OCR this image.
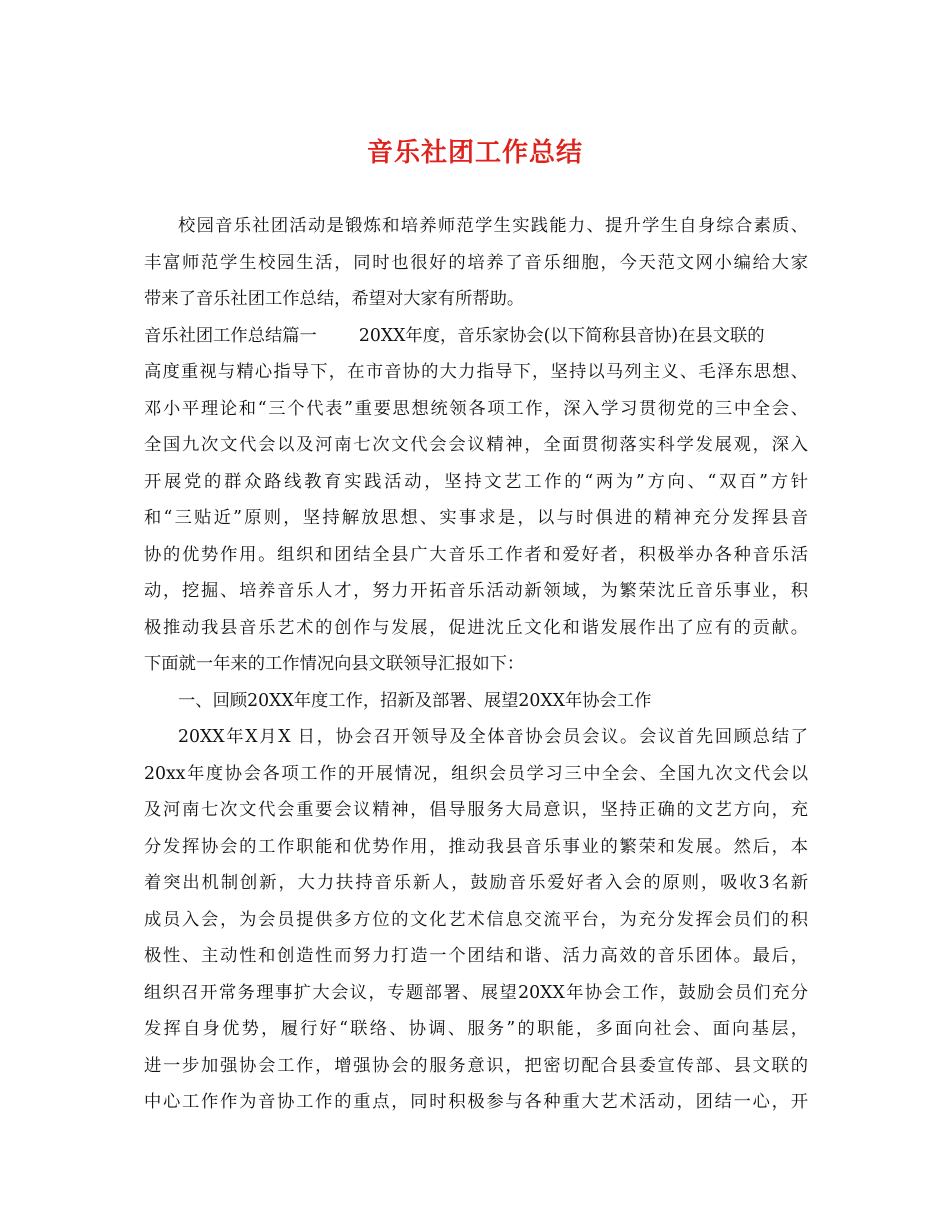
音乐社团工作总结
校园音乐社团活动是锻炼和培养师范学生实践能力、提升学生自身综合素质、
丰富师范学生校园生活，同时也很好的培养了音乐细胞，今天范文网小编给大家
带来了音乐社团工作总结，希望对大家有所帮助。
音乐社团工作总结篇一 20XX年度，音乐家协会(以下简称县音协)在县文联的
高度重视与精心指导下，在市音协的大力指导下，坚持以马列主义、毛泽东思想、
邓小平理论和“三个代表”重要思想统领各项工作，深入学习贯彻党的三中全会、
全国九次文代会以及河南七次文代会会议精神，全面贯彻落实科学发展观，深入
开展党的群众路线教育实践活动，坚持文艺工作的“两为”方向、“双百”方针
和“三贴近”原则，坚持解放思想、实事求是，以与时俱进的精神充分发挥县音
协的优势作用。组织和团结全县广大音乐工作者和爱好者，积极举办各种音乐活
动，挖掘、培养音乐人才，努力开拓音乐活动新领域，为繁荣沈丘音乐事业，积
极推动我县音乐艺术的创作与发展，促进沈丘文化和谐发展作出了应有的贡献。
下面就一年来的工作情况向县文联领导汇报如下：
一、回顾20XX年度工作，招新及部署、展望20XX年协会工作
20XX年X月X 日，协会召开领导及全体音协会员会议。会议首先回顾总结了
20xx年度协会各项工作的开展情况，组织会员学习三中全会、全国九次文代会以
及河南七次文代会重要会议精神，倡导服务大局意识，坚持正确的文艺方向，充
分发挥协会的工作职能和优势作用，推动我县音乐事业的繁荣和发展。然后，本
着突出机制创新，大力扶持音乐新人，鼓励音乐爱好者入会的原则，吸收3名新
成员入会，为会员提供多方位的文化艺术信息交流平台，为充分发挥会员们的积
极性、主动性和创造性而努力打造一个团结和谐、活力高效的音乐团体。最后，
组织召开常务理事扩大会议，专题部署、展望20XX年协会工作，鼓励会员们充分
发挥自身优势，履行好“联络、协调、服务”的职能，多面向社会、面向基层，
进一步加强协会工作，增强协会的服务意识，把密切配合县委宣传部、县文联的
中心工作作为音协工作的重点，同时积极参与各种重大艺术活动，团结一心，开
